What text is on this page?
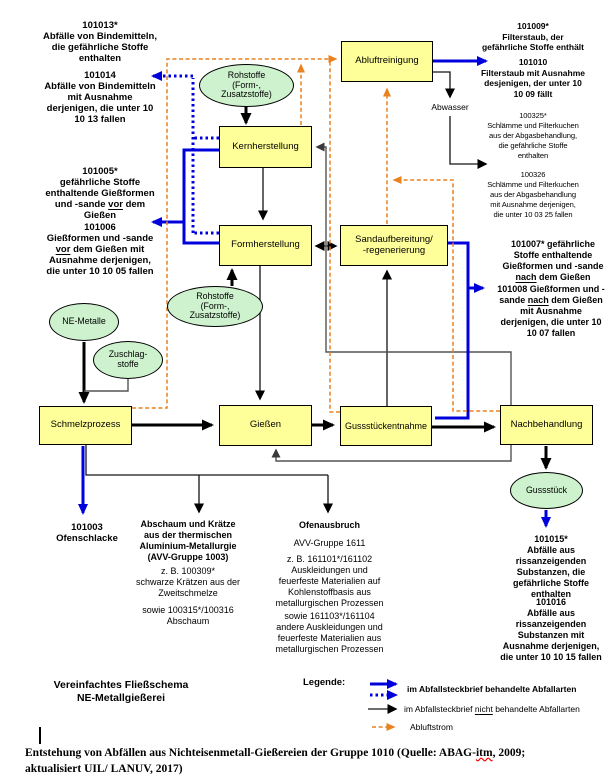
Abluftreinigung
Kernherstellung
Formherstellung	Sandaufbereitung/
-regenerierung
Schmelzprozess	Gießen	Gussstückentnahme	Nachbehandlung
Rohstoffe
(Form-,
Zusatzstoffe)
Rohstoffe
(Form-,
Zusatzstoffe)
NE-Metalle
Zuschlag-
stoffe
Gussstück
101013*
Abfälle von Bindemitteln,
die gefährliche Stoffe
enthalten
101014
Abfälle von Bindemitteln
mit Ausnahme
derjenigen, die unter 10
10 13 fallen
101005*
gefährliche Stoffe
enthaltende Gießformen
und -sande vor dem
Gießen
101006
Gießformen und -sande
vor dem Gießen mit
Ausnahme derjenigen,
die unter 10 10 05 fallen
101009*
Filterstaub, der
gefährliche Stoffe enthält
101010
Filterstaub mit Ausnahme
desjenigen, der unter 10
10 09 fällt
100325*
Schlämme und Filterkuchen
aus der Abgasbehandlung,
die gefährliche Stoffe
enthalten
100326
Schlämme und Filterkuchen
aus der Abgasbehandlung
mit Ausnahme derjenigen,
die unter 10 03 25 fallen
101007* gefährliche
Stoffe enthaltende
Gießformen und -sande
nach dem Gießen
101008 Gießformen und -
sande nach dem Gießen
mit Ausnahme
derjenigen, die unter 10
10 07 fallen
Abwasser
101003
Ofenschlacke
Abschaum und Krätze
aus der thermischen
Aluminium-Metallurgie
(AVV-Gruppe 1003)
z. B. 100309*
schwarze Krätzen aus der
Zweitschmelze
sowie 100315*/100316
Abschaum
Ofenausbruch
AVV-Gruppe 1611
z. B. 161101*/161102
Auskleidungen und
feuerfeste Materialien auf
Kohlenstoffbasis aus
metallurgischen Prozessen
sowie 161103*/161104
andere Auskleidungen und
feuerfeste Materialien aus
metallurgischen Prozessen
101015*
Abfälle aus
rissanzeigenden
Substanzen, die
gefährliche Stoffe
enthalten
101016
Abfälle aus
rissanzeigenden
Substanzen mit
Ausnahme derjenigen,
die unter 10 10 15 fallen
Vereinfachtes Fließschema
NE-Metallgießerei
Legende:
im Abfallsteckbrief behandelte Abfallarten
im Abfallsteckbrief nicht behandelte Abfallarten
Abluftstrom
Entstehung von Abfällen aus Nichteisenmetall-Gießereien der Gruppe 1010 (Quelle: ABAG-itm, 2009;
aktualisiert UIL/ LANUV, 2017)
